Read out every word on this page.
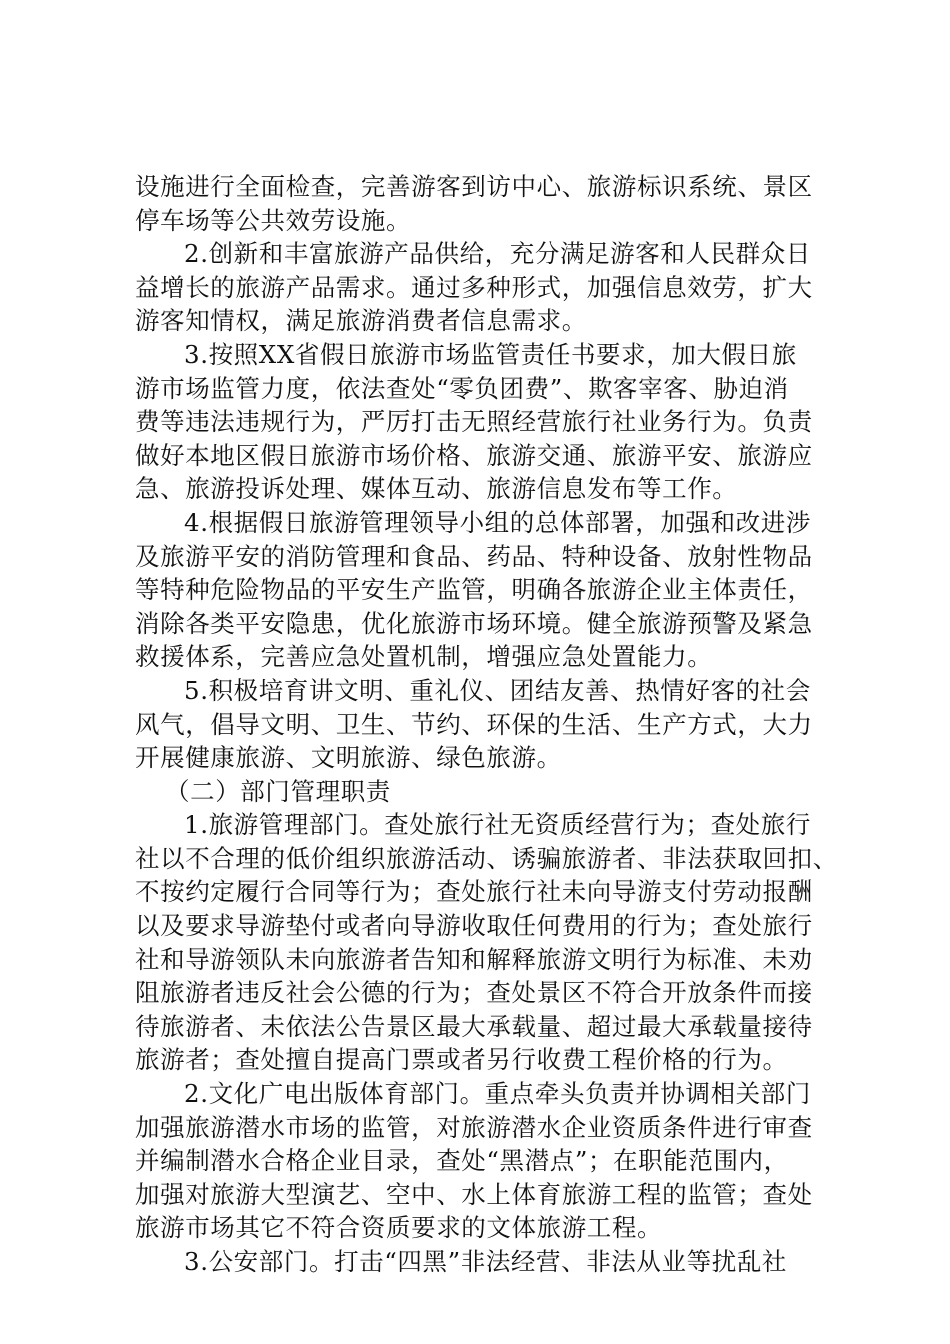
设施进行全面检查，完善游客到访中心、旅游标识系统、景区
停车场等公共效劳设施。
2.创新和丰富旅游产品供给，充分满足游客和人民群众日
益增长的旅游产品需求。通过多种形式，加强信息效劳，扩大
游客知情权，满足旅游消费者信息需求。
3.按照XX省假日旅游市场监管责任书要求，加大假日旅
游市场监管力度，依法查处“零负团费”、欺客宰客、胁迫消
费等违法违规行为，严厉打击无照经营旅行社业务行为。负责
做好本地区假日旅游市场价格、旅游交通、旅游平安、旅游应
急、旅游投诉处理、媒体互动、旅游信息发布等工作。
4.根据假日旅游管理领导小组的总体部署，加强和改进涉
及旅游平安的消防管理和食品、药品、特种设备、放射性物品
等特种危险物品的平安生产监管，明确各旅游企业主体责任，
消除各类平安隐患，优化旅游市场环境。健全旅游预警及紧急
救援体系，完善应急处置机制，增强应急处置能力。
5.积极培育讲文明、重礼仪、团结友善、热情好客的社会
风气，倡导文明、卫生、节约、环保的生活、生产方式，大力
开展健康旅游、文明旅游、绿色旅游。
（二）部门管理职责
1.旅游管理部门。查处旅行社无资质经营行为；查处旅行
社以不合理的低价组织旅游活动、诱骗旅游者、非法获取回扣、
不按约定履行合同等行为；查处旅行社未向导游支付劳动报酬
以及要求导游垫付或者向导游收取任何费用的行为；查处旅行
社和导游领队未向旅游者告知和解释旅游文明行为标准、未劝
阻旅游者违反社会公德的行为；查处景区不符合开放条件而接
待旅游者、未依法公告景区最大承载量、超过最大承载量接待
旅游者；查处擅自提高门票或者另行收费工程价格的行为。
2.文化广电出版体育部门。重点牵头负责并协调相关部门
加强旅游潜水市场的监管，对旅游潜水企业资质条件进行审查
并编制潜水合格企业目录，查处“黑潜点”；在职能范围内，
加强对旅游大型演艺、空中、水上体育旅游工程的监管；查处
旅游市场其它不符合资质要求的文体旅游工程。
3.公安部门。打击“四黑”非法经营、非法从业等扰乱社
